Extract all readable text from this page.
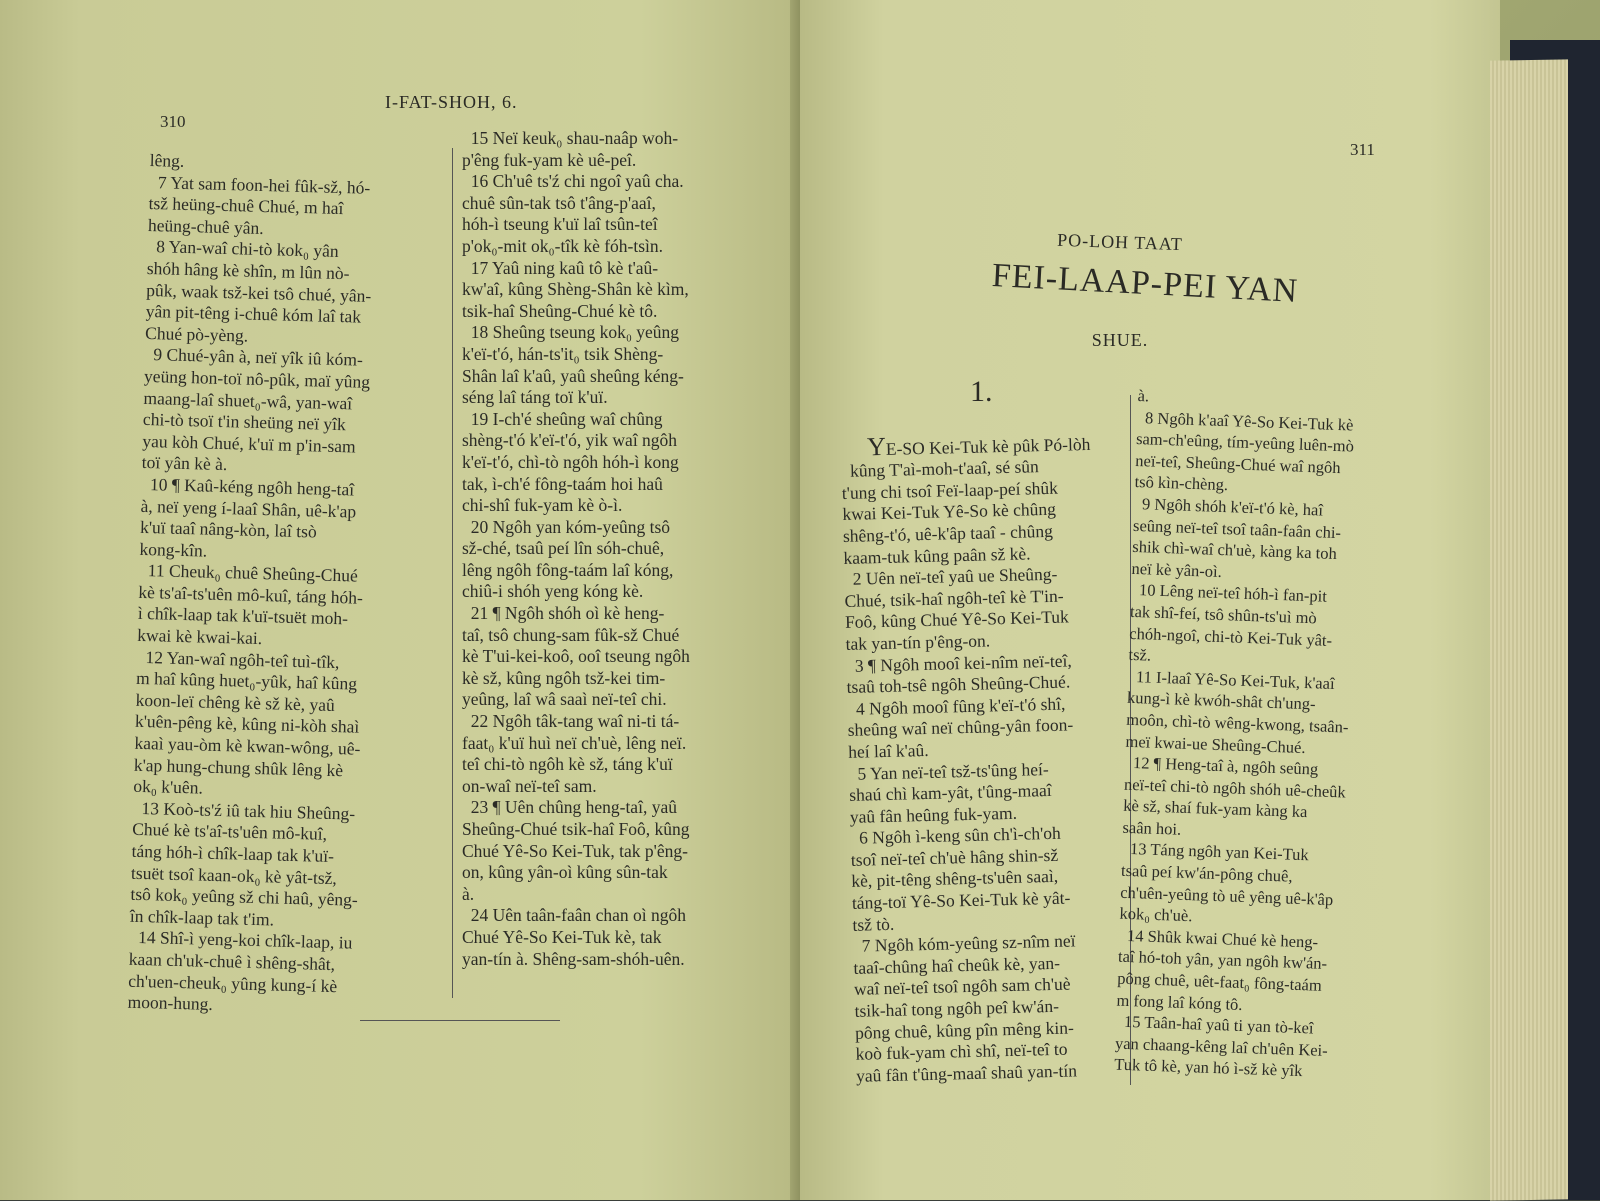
310
I-FAT-SHOH, 6.
lêng.
7 Yat sam foon-hei fûk-sž, hó-
tsž heüng-chuê Chué, m haî
heüng-chuê yân.
8 Yan-waî chi-tò kok₀ yân
shóh hâng kè shîn, m lûn nò-
pûk, waak tsž-kei tsô chué, yân-
yân pit-têng i-chuê kóm laî tak
Chué pò-yèng.
9 Chué-yân à, neï yîk iû kóm-
yeüng hon-toï nô-pûk, maï yûng
maang-laî shuet₀-wâ, yan-waî
chi-tò tsoï t'in sheüng neï yîk
yau kòh Chué, k'uï m p'in-sam
toï yân kè à.
10 ¶ Kaû-kéng ngôh heng-taî
à, neï yeng í-laaî Shân, uê-k'ap
k'uï taaî nâng-kòn, laî tsò
kong-kîn.
11 Cheuk₀ chuê Sheûng-Chué
kè ts'aî-ts'uên mô-kuî, táng hóh-
ì chîk-laap tak k'uï-tsuët moh-
kwai kè kwai-kai.
12 Yan-waî ngôh-teî tuì-tîk,
m haî kûng huet₀-yûk, haî kûng
koon-leï chêng kè sž kè, yaû
k'uên-pêng kè, kûng ni-kòh shaì
kaaì yau-òm kè kwan-wông, uê-
k'ap hung-chung shûk lêng kè
ok₀ k'uên.
13 Koò-ts'ź iû tak hiu Sheûng-
Chué kè ts'aî-ts'uên mô-kuî,
táng hóh-ì chîk-laap tak k'uï-
tsuët tsoî kaan-ok₀ kè yât-tsž,
tsô kok₀ yeûng sž chi haû, yêng-
în chîk-laap tak t'im.
14 Shî-ì yeng-koi chîk-laap, iu
kaan ch'uk-chuê ì shêng-shât,
ch'uen-cheuk₀ yûng kung-í kè
moon-hung.
15 Neï keuk₀ shau-naâp woh-
p'êng fuk-yam kè uê-peî.
16 Ch'uê ts'ź chi ngoî yaû cha.
chuê sûn-tak tsô t'âng-p'aaî,
hóh-ì tseung k'uï laî tsûn-teî
p'ok₀-mit ok₀-tîk kè fóh-tsìn.
17 Yaû ning kaû tô kè t'aû-
kw'aî, kûng Shèng-Shân kè kìm,
tsik-haî Sheûng-Chué kè tô.
18 Sheûng tseung kok₀ yeûng
k'eï-t'ó, hán-ts'it₀ tsik Shèng-
Shân laî k'aû, yaû sheûng kéng-
séng laî táng toï k'uï.
19 I-ch'é sheûng waî chûng
shèng-t'ó k'eï-t'ó, yik waî ngôh
k'eï-t'ó, chì-tò ngôh hóh-ì kong
tak, ì-ch'é fông-taám hoi haû
chi-shî fuk-yam kè ò-ì.
20 Ngôh yan kóm-yeûng tsô
sž-ché, tsaû peí lîn sóh-chuê,
lêng ngôh fông-taám laî kóng,
chiû-i shóh yeng kóng kè.
21 ¶ Ngôh shóh oì kè heng-
taî, tsô chung-sam fûk-sž Chué
kè T'ui-kei-koô, ooî tseung ngôh
kè sž, kûng ngôh tsž-kei tim-
yeûng, laî wâ saaì neï-teî chi.
22 Ngôh tâk-tang waî ni-ti tá-
faat₀ k'uï huì neï ch'uè, lêng neï.
teî chi-tò ngôh kè sž, táng k'uï
on-waî neï-teî sam.
23 ¶ Uên chûng heng-taî, yaû
Sheûng-Chué tsik-haî Foô, kûng
Chué Yê-So Kei-Tuk, tak p'êng-
on, kûng yân-oì kûng sûn-tak
à.
24 Uên taân-faân chan oì ngôh
Chué Yê-So Kei-Tuk kè, tak
yan-tín à. Shêng-sam-shóh-uên.
311
PO-LOH TAAT
FEI-LAAP-PEI YAN
SHUE.
1.

YE-SO Kei-Tuk kè pûk Pó-lòh
kûng T'aì-moh-t'aaî, sé sûn
t'ung chi tsoî Feï-laap-peí shûk
kwai Kei-Tuk Yê-So kè chûng
shêng-t'ó, uê-k'âp taaî - chûng
kaam-tuk kûng paân sž kè.
2 Uên neï-teî yaû ue Sheûng-
Chué, tsik-haî ngôh-teî kè T'in-
Foô, kûng Chué Yê-So Kei-Tuk
tak yan-tín p'êng-on.
3 ¶ Ngôh mooî kei-nîm neï-teî,
tsaû toh-tsê ngôh Sheûng-Chué.
4 Ngôh mooî fûng k'eï-t'ó shî,
sheûng waî neï chûng-yân foon-
heí laî k'aû.
5 Yan neï-teî tsž-ts'ûng heí-
shaú chì kam-yât, t'ûng-maaî
yaû fân heûng fuk-yam.
6 Ngôh ì-keng sûn ch'ì-ch'oh
tsoî neï-teî ch'uè hâng shin-sž
kè, pit-têng shêng-ts'uên saaì,
táng-toï Yê-So Kei-Tuk kè yât-
tsž tò.
7 Ngôh kóm-yeûng sz-nîm neï
taaî-chûng haî cheûk kè, yan-
waî neï-teî tsoî ngôh sam ch'uè
tsik-haî tong ngôh peî kw'án-
pông chuê, kûng pîn mêng kin-
koò fuk-yam chì shî, neï-teî to
yaû fân t'ûng-maaî shaû yan-tín

à.
8 Ngôh k'aaî Yê-So Kei-Tuk kè
sam-ch'eûng, tím-yeûng luên-mò
neï-teî, Sheûng-Chué waî ngôh
tsô kìn-chèng.
9 Ngôh shóh k'eï-t'ó kè, haî
seûng neï-teî tsoî taân-faân chi-
shik chì-waî ch'uè, kàng ka toh
neï kè yân-oì.
10 Lêng neï-teî hóh-ì fan-pit
tak shî-feí, tsô shûn-ts'uì mò
chóh-ngoî, chi-tò Kei-Tuk yât-
tsž.
11 I-laaî Yê-So Kei-Tuk, k'aaî
kung-ì kè kwóh-shât ch'ung-
moôn, chì-tò wêng-kwong, tsaân-
meï kwai-ue Sheûng-Chué.
12 ¶ Heng-taî à, ngôh seûng
neï-teî chi-tò ngôh shóh uê-cheûk
kè sž, shaí fuk-yam kàng ka
saân hoi.
13 Táng ngôh yan Kei-Tuk
tsaû peí kw'án-pông chuê,
ch'uên-yeûng tò uê yêng uê-k'âp
kok₀ ch'uè.
14 Shûk kwai Chué kè heng-
taî hó-toh yân, yan ngôh kw'án-
pông chuê, uêt-faat₀ fông-taám
m fong laî kóng tô.
15 Taân-haî yaû ti yan tò-keî
yan chaang-kêng laî ch'uên Kei-
Tuk tô kè, yan hó ì-sž kè yîk
